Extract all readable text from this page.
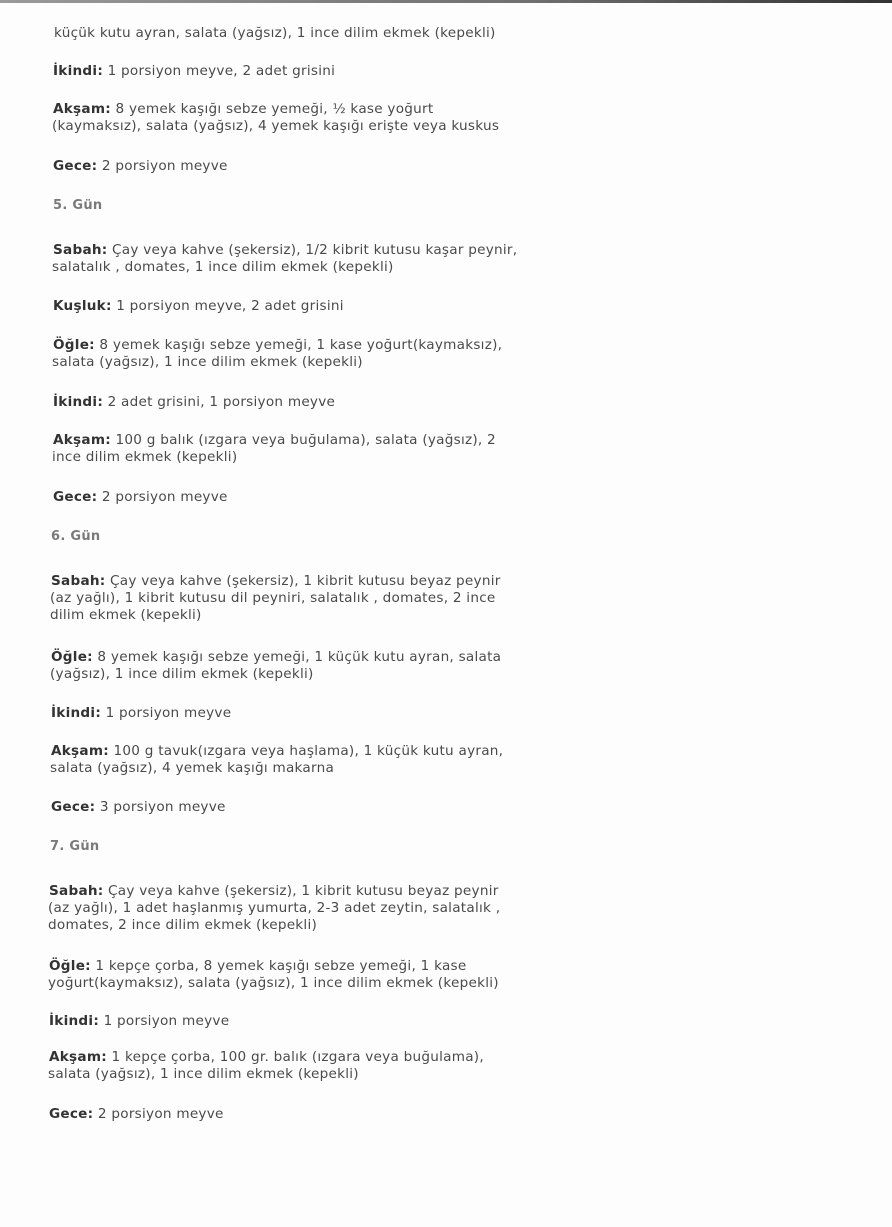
küçük kutu ayran, salata (yağsız), 1 ince dilim ekmek (kepekli)
İkindi: 1 porsiyon meyve, 2 adet grisini
Akşam: 8 yemek kaşığı sebze yemeği, ½ kase yoğurt
(kaymaksız), salata (yağsız), 4 yemek kaşığı erişte veya kuskus
Gece: 2 porsiyon meyve
5. Gün
Sabah: Çay veya kahve (şekersiz), 1/2 kibrit kutusu kaşar peynir,
salatalık , domates, 1 ince dilim ekmek (kepekli)
Kuşluk: 1 porsiyon meyve, 2 adet grisini
Öğle: 8 yemek kaşığı sebze yemeği, 1 kase yoğurt(kaymaksız),
salata (yağsız), 1 ince dilim ekmek (kepekli)
İkindi: 2 adet grisini, 1 porsiyon meyve
Akşam: 100 g balık (ızgara veya buğulama), salata (yağsız), 2
ince dilim ekmek (kepekli)
Gece: 2 porsiyon meyve
6. Gün
Sabah: Çay veya kahve (şekersiz), 1 kibrit kutusu beyaz peynir
(az yağlı), 1 kibrit kutusu dil peyniri, salatalık , domates, 2 ince
dilim ekmek (kepekli)
Öğle: 8 yemek kaşığı sebze yemeği, 1 küçük kutu ayran, salata
(yağsız), 1 ince dilim ekmek (kepekli)
İkindi: 1 porsiyon meyve
Akşam: 100 g tavuk(ızgara veya haşlama), 1 küçük kutu ayran,
salata (yağsız), 4 yemek kaşığı makarna
Gece: 3 porsiyon meyve
7. Gün
Sabah: Çay veya kahve (şekersiz), 1 kibrit kutusu beyaz peynir
(az yağlı), 1 adet haşlanmış yumurta, 2-3 adet zeytin, salatalık ,
domates, 2 ince dilim ekmek (kepekli)
Öğle: 1 kepçe çorba, 8 yemek kaşığı sebze yemeği, 1 kase
yoğurt(kaymaksız), salata (yağsız), 1 ince dilim ekmek (kepekli)
İkindi: 1 porsiyon meyve
Akşam: 1 kepçe çorba, 100 gr. balık (ızgara veya buğulama),
salata (yağsız), 1 ince dilim ekmek (kepekli)
Gece: 2 porsiyon meyve
